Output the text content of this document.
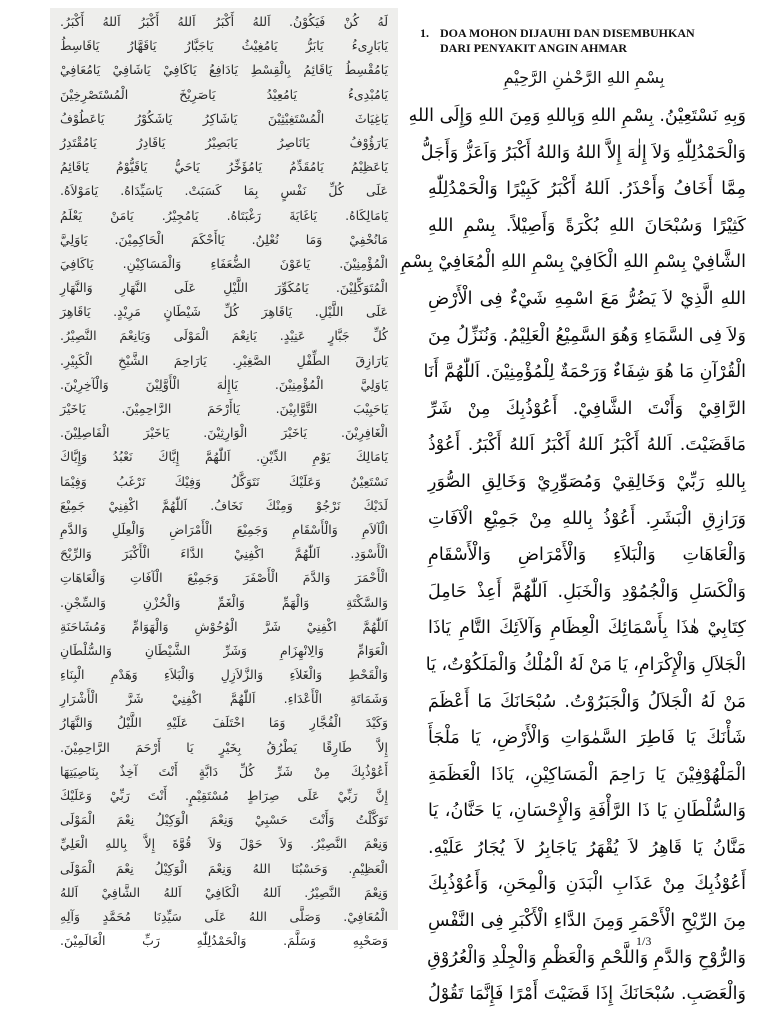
لَهُ كُنْ فَيَكُوْنُ. اَللهُ أَكْبَرُ اَللهُ أَكْبَرُ اَللهُ أَكْبَرُ.
يَابَارِىءُ يَابَرُّ يَامُغِيْثُ يَاجَبَّارُ يَاقَهَّارُ يَاقَاسِطُ
يَامُقْسِطُ يَاقَائِمُ بِالْقِسْطِ يَادَافِعُ يَاكَافِيْ يَاشَافِيْ يَامُعَافِيْ
يَامُبْدِىءُ يَامُعِيْدُ يَاصَرِيْخَ الْمُسْتَصْرِخِيْنَ
يَاغِيَاثَ الْمُسْتَغِيْثِيْنَ يَاشَاكِرُ يَاشَكُوْرُ يَاعَطُوْفُ
يَارَؤُوْفُ يَانَاصِرُ يَابَصِيْرُ يَاقَادِرُ يَامُقْتَدِرُ
يَاعَظِيْمُ يَامُقَدِّمُ يَامُؤَخِّرُ يَاحَيُّ يَاقَيُّوْمُ يَاقَائِمُ
عَلَى كُلِّ نَفْسٍ بِمَا كَسَبَتْ. يَاسَيِّدَاهُ. يَامَوْلاَهُ.
يَامَالِكَاهُ. يَاغَايَةَ رَغْبَتَاهُ. يَامُجِيْرُ. يَامَنْ يَعْلَمُ
مَانُخْفِيْ وَمَا نُعْلِنُ. يَاأَحْكَمَ الْحَاكِمِيْنَ. يَاوَلِيَّ
الْمُؤْمِنِيْنَ. يَاعَوْنَ الضُّعَفَاءِ وَالْمَسَاكِيْنِ. يَاكَافِيَ
الْمُتَوَكِّلِيْنَ. يَامُكَوِّرَ اللَّيْلِ عَلَى النَّهَارِ وَالنَّهَارِ
عَلَى اللَّيْلِ. يَاقَاهِرَ كُلِّ شَيْطَانٍ مَرِيْدٍ. يَاقَاهِرَ
كُلِّ جَبَّارٍ عَنِيْدٍ. يَانِعْمَ الْمَوْلَى وَيَانِعْمَ النَّصِيْرُ.
يَارَازِقَ الطِّفْلِ الصَّغِيْرِ. يَارَاحِمَ الشَّيْخِ الْكَبِيْرِ.
يَاوَلِيَّ الْمُؤْمِنِيْنَ. يَاإِلٰهَ الْأَوَّلِيْنَ وَالْآخِرِيْنَ.
يَاحَبِيْبَ التَّوَّابِيْنَ. يَاأَرْحَمَ الرَّاحِمِيْنَ. يَاخَيْرَ
الْغَافِرِيْنَ. يَاخَيْرَ الْوَارِثِيْنَ. يَاخَيْرَ الْفَاصِلِيْنَ.
يَامَالِكَ يَوْمِ الدِّيْنِ. اَللّٰهُمَّ إِيَّاكَ نَعْبُدُ وَإِيَّاكَ
نَسْتَعِيْنُ وَعَلَيْكَ نَتَوَكَّلُ وَفِيْكَ نَرْغَبُ وَفِيْمَا
لَدَيْكَ نَرْجُوْ وَمِنْكَ نَخَافُ. اَللّٰهُمَّ اكْفِنِيْ جَمِيْعَ
الْآلاَمِ وَالْأَسْقَامِ وَجَمِيْعَ الْأَمْرَاضِ وَالْعِلَلِ وَالدَّمِ
الْأَسْوَدِ. اَللّٰهُمَّ اكْفِنِيْ الدَّاءَ الْأَكْبَرَ وَالرِّيْحَ
الْأَحْمَرَ وَالدَّمَ الْأَصْفَرَ وَجَمِيْعَ الْآفَاتِ وَالْعَاهَاتِ
وَالسَّكْتَةِ وَالْهَمِّ وَالْغَمِّ وَالْحُزْنِ وَالسِّجْنِ.
اَللّٰهُمَّ اكْفِنِيْ شَرَّ الْوُحُوْشِ وَالْهَوَامِّ وَمُشَاحَنَةِ
الْعَوَامِّ وَالِانْهِزَامِ وَشَرِّ الشَّيْطَانِ وَالسُّلْطَانِ
وَالْقَحْطِ وَالْغَلاَءِ وَالزَّلاَزِلِ وَالْبَلاَءِ وَهَدْمِ الْبِنَاءِ
وَشَمَاتَةِ الْأَعْدَاءِ. اَللّٰهُمَّ اكْفِنِيْ شَرَّ الْأَشْرَارِ
وَكَيْدَ الْفُجَّارِ وَمَا اخْتَلَفَ عَلَيْهِ اللَّيْلُ وَالنَّهَارُ
إِلاَّ طَارِقًا يَطْرُقُ بِخَيْرٍ يَا أَرْحَمَ الرَّاحِمِيْنَ.
أَعُوْذُبِكَ مِنْ شَرِّ كُلِّ دَابَّةٍ أَنْتَ آخِذٌ بِنَاصِيَتِهَا
إِنَّ رَبِّيْ عَلَى صِرَاطٍ مُسْتَقِيْمٍ. أَنْتَ رَبِّيْ وَعَلَيْكَ
تَوَكَّلْتُ وَأَنْتَ حَسْبِيْ وَنِعْمَ الْوَكِيْلُ نِعْمَ الْمَوْلَى
وَنِعْمَ النَّصِيْرُ. وَلاَ حَوْلَ وَلاَ قُوَّةَ إِلاَّ بِاللهِ الْعَلِيِّ
الْعَظِيْمِ. وَحَسْبُنَا اللهُ وَنِعْمَ الْوَكِيْلُ نِعْمَ الْمَوْلَى
وَنِعْمَ النَّصِيْرُ. اَللهُ الْكَافِيْ اَللهُ الشَّافِيْ اَللهُ
الْمُعَافِيْ. وَصَلَّى اللهُ عَلَى سَيِّدِنَا مُحَمَّدٍ وَآلِهِ
وَصَحْبِهِ وَسَلَّمَ. وَالْحَمْدُلِلّٰهِ رَبِّ الْعَالَمِيْنَ.
1. DOA MOHON DIJAUHI DAN DISEMBUHKAN
DARI PENYAKIT ANGIN AHMAR
بِسْمِ اللهِ الرَّحْمٰنِ الرَّحِيْمِ
وَبِهِ نَسْتَعِيْنُ. بِسْمِ اللهِ وَبِاللهِ وَمِنَ اللهِ وَإِلَى اللهِ
وَالْحَمْدُلِلّٰهِ وَلاَ إِلٰهَ إِلاَّ اللهُ وَاللهُ أَكْبَرُ وَاَعَزُّ وَأَجَلُّ
مِمَّا أَخَافُ وَأَحْذَرُ. اَللهُ أَكْبَرُ كَبِيْرًا وَالْحَمْدُلِلّٰهِ
كَثِيْرًا وَسُبْحَانَ اللهِ بُكْرَةً وَأَصِيْلاً. بِسْمِ اللهِ
الشَّافِيْ بِسْمِ اللهِ الْكَافِيْ بِسْمِ اللهِ الْمُعَافِيْ بِسْمِ
اللهِ الَّذِيْ لاَ يَضُرُّ مَعَ اسْمِهِ شَيْءٌ فِى الْأَرْضِ
وَلاَ فِى السَّمَاءِ وَهُوَ السَّمِيْعُ الْعَلِيْمُ. وَنُنَزِّلُ مِنَ
الْقُرْآنِ مَا هُوَ شِفَاءٌ وَرَحْمَةٌ لِلْمُؤْمِنِيْنَ. اَللّٰهُمَّ أَنَا
الرَّاقِيْ وَأَنْتَ الشَّافِيْ. أَعُوْذُبِكَ مِنْ شَرِّ
مَاقَضَيْتَ. اَللهُ أَكْبَرُ اَللهُ أَكْبَرُ اَللهُ أَكْبَرُ. أَعُوْذُ
بِاللهِ رَبِّيْ وَخَالِقِيْ وَمُصَوِّرِيْ وَخَالِقِ الصُّوَرِ
وَرَازِقِ الْبَشَرِ. أَعُوْذُ بِاللهِ مِنْ جَمِيْعِ الْآفَاتِ
وَالْعَاهَاتِ وَالْبَلاَءِ وَالْأَمْرَاضِ وَالْأَسْقَامِ
وَالْكَسَلِ وَالْجُمُوْدِ وَالْخَبَلِ. اَللّٰهُمَّ أَعِذْ حَامِلَ
كِتَابِيْ هٰذَا بِأَسْمَائِكَ الْعِظَامِ وَآلاَئِكَ التَّامِ يَاذَا
الْجَلاَلِ وَالْإِكْرَامِ، يَا مَنْ لَهُ الْمُلْكُ وَالْمَلَكُوْتُ، يَا
مَنْ لَهُ الْجَلاَلُ وَالْجَبَرُوْتُ. سُبْحَانَكَ مَا أَعْظَمَ
شَأْنَكَ يَا فَاطِرَ السَّمٰوَاتِ وَالْأَرْضِ، يَا مَلْجَأَ
الْمَلْهُوْفِيْنَ يَا رَاحِمَ الْمَسَاكِيْنِ، يَاذَا الْعَظَمَةِ
وَالسُّلْطَانِ يَا ذَا الرَّأْفَةِ وَالْإِحْسَانِ، يَا حَنَّانُ، يَا
مَنَّانُ يَا قَاهِرُ لاَ يُقْهَرُ يَاجَابِرُ لاَ يُجَارُ عَلَيْهِ.
أَعُوْذُبِكَ مِنْ عَذَابِ الْبَدَنِ وَالْمِحَنِ، وَأَعُوْذُبِكَ
مِنَ الرِّيْحِ الْأَحْمَرِ وَمِنَ الدَّاءِ الْأَكْبَرِ فِى النَّفْسِ
وَالرُّوْحِ وَالدَّمِ وَاللَّحْمِ وَالْعَظْمِ وَالْجِلْدِ وَالْعُرُوْقِ
وَالْعَصَبِ. سُبْحَانَكَ إِذَا قَضَيْتَ أَمْرًا فَإِنَّمَا تَقُوْلُ
1/3
